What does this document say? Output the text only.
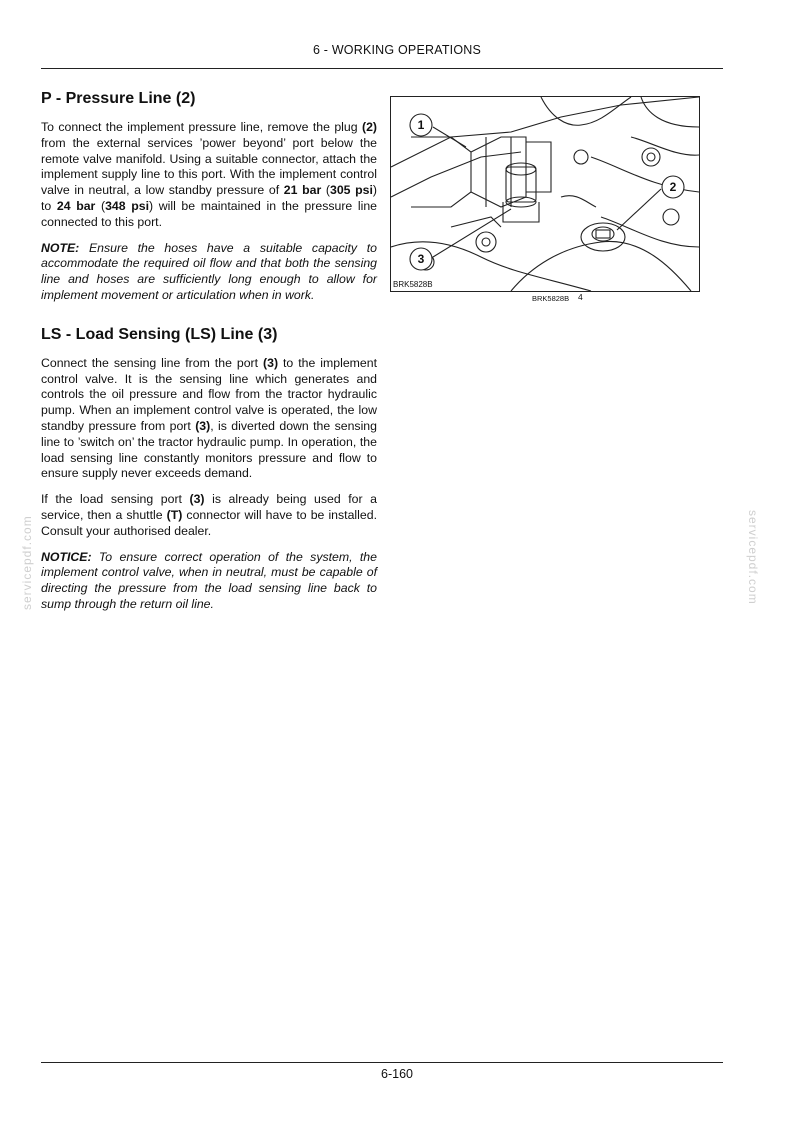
6 - WORKING OPERATIONS
P - Pressure Line (2)

To connect the implement pressure line, remove the plug (2) from the external services ’power beyond’ port below the remote valve manifold. Using a suitable connector, attach the implement supply line to this port. With the implement control valve in neutral, a low standby pressure of 21 bar (305 psi) to 24 bar (348 psi) will be maintained in the pressure line connected to this port.

NOTE: Ensure the hoses have a suitable capacity to accommodate the required oil flow and that both the sensing line and hoses are sufficiently long enough to allow for implement movement or articulation when in work.

LS - Load Sensing (LS) Line (3)

Connect the sensing line from the port (3) to the implement control valve. It is the sensing line which generates and controls the oil pressure and flow from the tractor hydraulic pump. When an implement control valve is operated, the low standby pressure from port (3), is diverted down the sensing line to ’switch on’ the tractor hydraulic pump. In operation, the load sensing line constantly monitors pressure and flow to ensure supply never exceeds demand.

If the load sensing port (3) is already being used for a service, then a shuttle (T) connector will have to be installed. Consult your authorised dealer.

NOTICE: To ensure correct operation of the system, the implement control valve, when in neutral, must be capable of directing the pressure from the load sensing line back to sump through the return oil line.

1
2
3
BRK5828B
BRK5828B 4
servicepdf.com	servicepdf.com
6-160
